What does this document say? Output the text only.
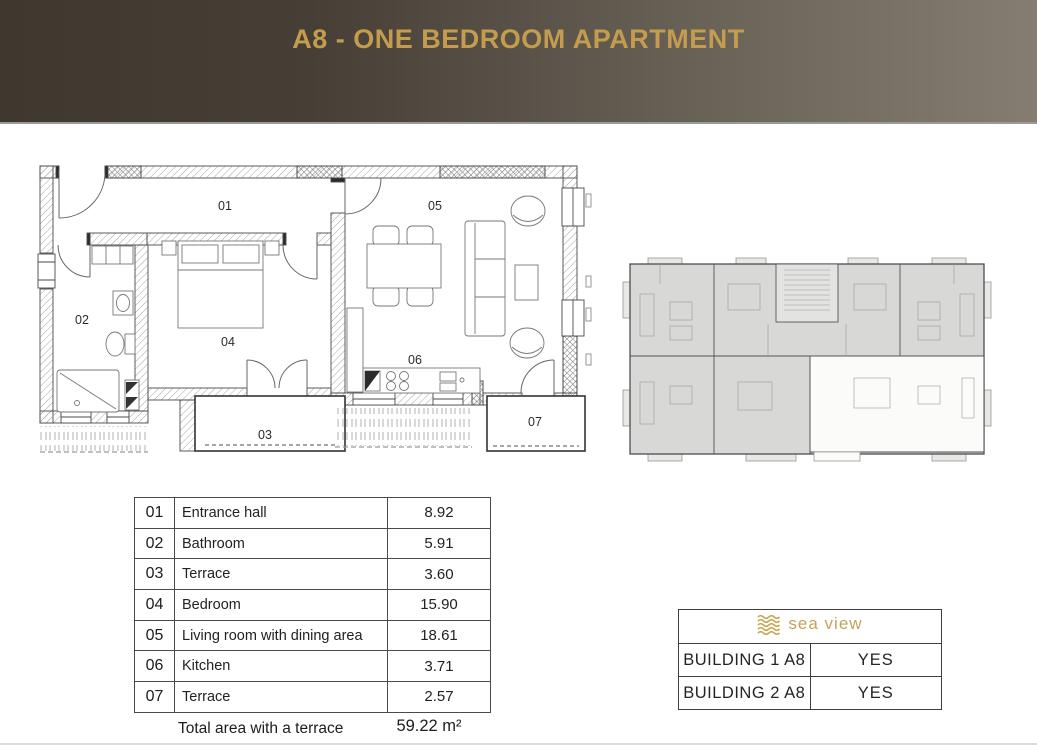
A8 - ONE BEDROOM APARTMENT
01
02
03
04
05
06
07
01	Entrance hall	8.92
02	Bathroom	5.91
03	Terrace	3.60
04	Bedroom	15.90
05	Living room with dining area	18.61
06	Kitchen	3.71
07	Terrace	2.57
Total area with a terrace	59.22 m²
sea view	

BUILDING 1 A8	YES
BUILDING 2 A8	YES
